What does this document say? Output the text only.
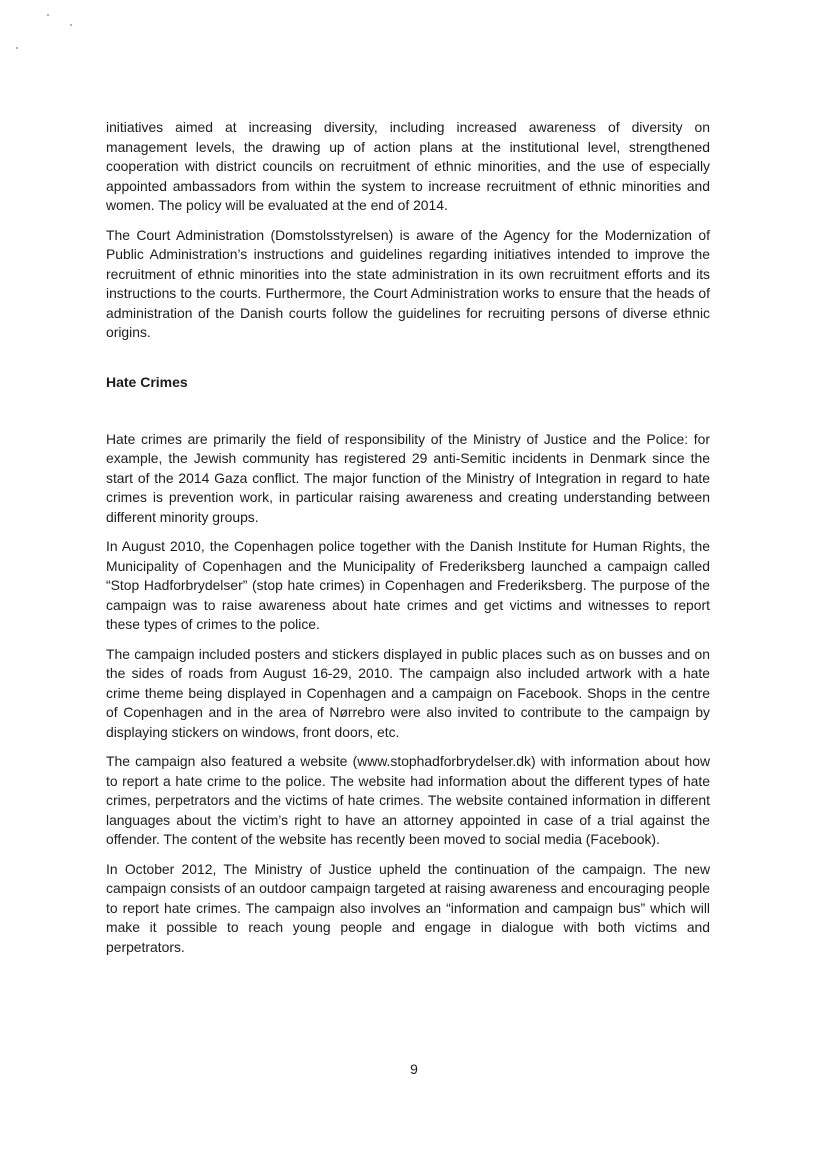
initiatives aimed at increasing diversity, including increased awareness of diversity on management levels, the drawing up of action plans at the institutional level, strengthened cooperation with district councils on recruitment of ethnic minorities, and the use of especially appointed ambassadors from within the system to increase recruitment of ethnic minorities and women. The policy will be evaluated at the end of 2014.

The Court Administration (Domstolsstyrelsen) is aware of the Agency for the Modernization of Public Administration’s instructions and guidelines regarding initiatives intended to improve the recruitment of ethnic minorities into the state administration in its own recruitment efforts and its instructions to the courts. Furthermore, the Court Administration works to ensure that the heads of administration of the Danish courts follow the guidelines for recruiting persons of diverse ethnic origins.

Hate Crimes

Hate crimes are primarily the field of responsibility of the Ministry of Justice and the Police: for example, the Jewish community has registered 29 anti-Semitic incidents in Denmark since the start of the 2014 Gaza conflict. The major function of the Ministry of Integration in regard to hate crimes is prevention work, in particular raising awareness and creating understanding between different minority groups.

In August 2010, the Copenhagen police together with the Danish Institute for Human Rights, the Municipality of Copenhagen and the Municipality of Frederiksberg launched a campaign called “Stop Hadforbrydelser” (stop hate crimes) in Copenhagen and Frederiksberg. The purpose of the campaign was to raise awareness about hate crimes and get victims and witnesses to report these types of crimes to the police.

The campaign included posters and stickers displayed in public places such as on busses and on the sides of roads from August 16-29, 2010. The campaign also included artwork with a hate crime theme being displayed in Copenhagen and a campaign on Facebook. Shops in the centre of Copenhagen and in the area of Nørrebro were also invited to contribute to the campaign by displaying stickers on windows, front doors, etc.

The campaign also featured a website (www.stophadforbrydelser.dk) with information about how to report a hate crime to the police. The website had information about the different types of hate crimes, perpetrators and the victims of hate crimes. The website contained information in different languages about the victim’s right to have an attorney appointed in case of a trial against the offender. The content of the website has recently been moved to social media (Facebook).

In October 2012, The Ministry of Justice upheld the continuation of the campaign. The new campaign consists of an outdoor campaign targeted at raising awareness and encouraging people to report hate crimes. The campaign also involves an “information and campaign bus” which will make it possible to reach young people and engage in dialogue with both victims and perpetrators.

9
